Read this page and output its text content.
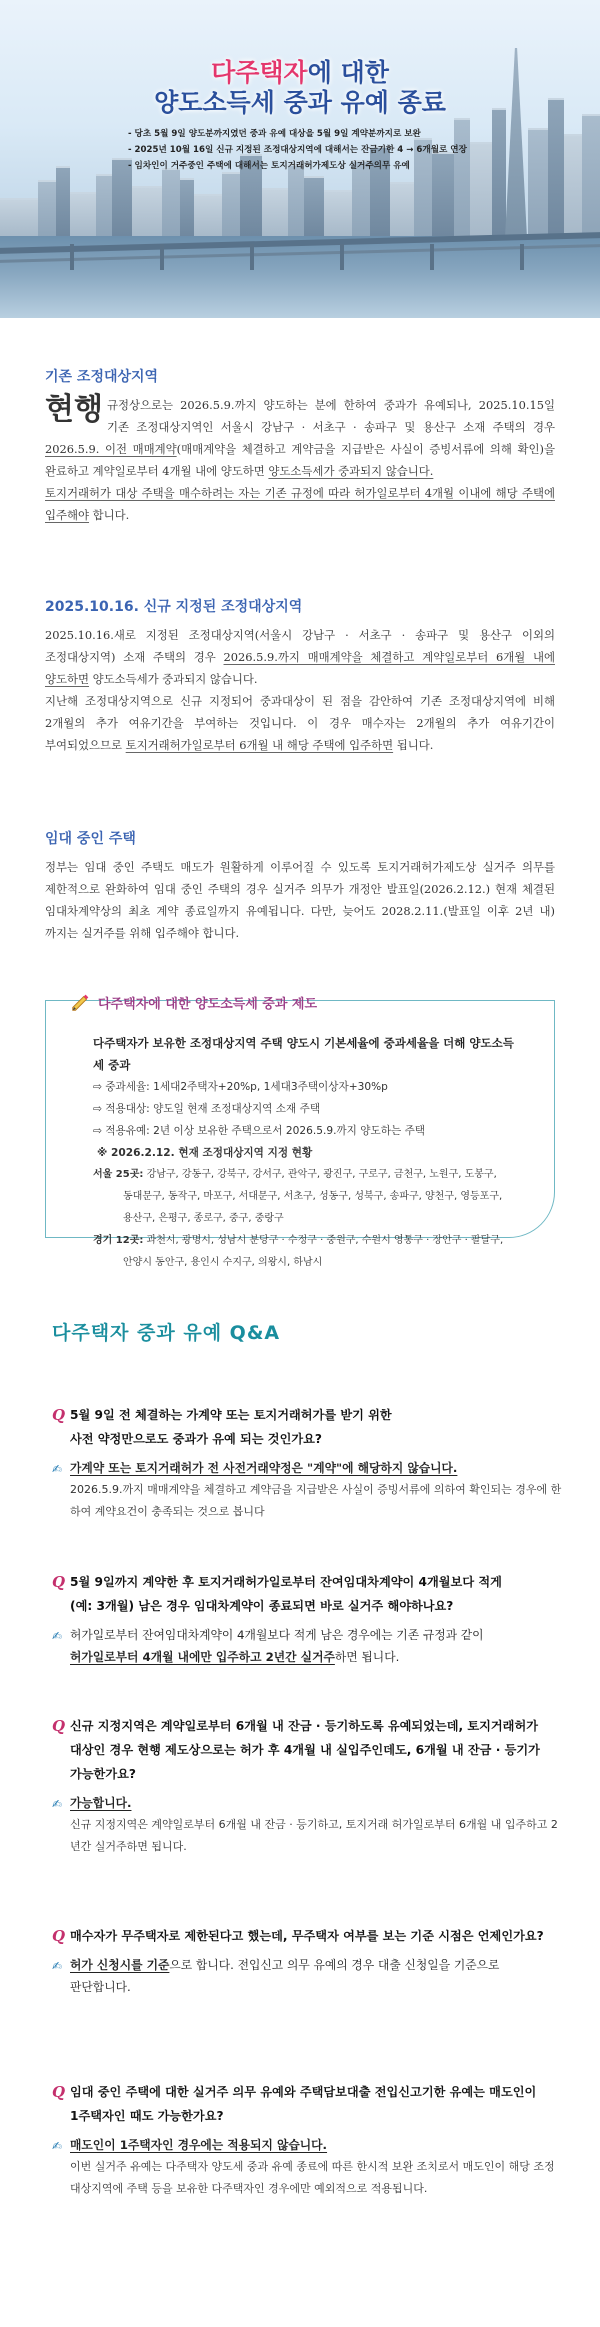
다주택자에 대한
양도소득세 중과 유예 종료
- 당초 5월 9일 양도분까지였던 중과 유예 대상을 5월 9일 계약분까지로 보완
- 2025년 10월 16일 신규 지정된 조정대상지역에 대해서는 잔금기한 4 → 6개월로 연장
- 임차인이 거주중인 주택에 대해서는 토지거래허가제도상 실거주의무 유예
기존 조정대상지역
현행 규정상으로는 2026.5.9.까지 양도하는 분에 한하여 중과가 유예되나, 2025.10.15일 기존 조정대상지역인 서울시 강남구 · 서초구 · 송파구 및 용산구 소재 주택의 경우 2026.5.9. 이전 매매계약(매매계약을 체결하고 계약금을 지급받은 사실이 증빙서류에 의해 확인)을 완료하고 계약일로부터 4개월 내에 양도하면 양도소득세가 중과되지 않습니다.
토지거래허가 대상 주택을 매수하려는 자는 기존 규정에 따라 허가일로부터 4개월 이내에 해당 주택에 입주해야 합니다.
2025.10.16. 신규 지정된 조정대상지역
2025.10.16.새로 지정된 조정대상지역(서울시 강남구 · 서초구 · 송파구 및 용산구 이외의 조정대상지역) 소재 주택의 경우 2026.5.9.까지 매매계약을 체결하고 계약일로부터 6개월 내에 양도하면 양도소득세가 중과되지 않습니다.
지난해 조정대상지역으로 신규 지정되어 중과대상이 된 점을 감안하여 기존 조정대상지역에 비해 2개월의 추가 여유기간을 부여하는 것입니다. 이 경우 매수자는 2개월의 추가 여유기간이 부여되었으므로 토지거래허가일로부터 6개월 내 해당 주택에 입주하면 됩니다.
임대 중인 주택
정부는 임대 중인 주택도 매도가 원활하게 이루어질 수 있도록 토지거래허가제도상 실거주 의무를 제한적으로 완화하여 임대 중인 주택의 경우 실거주 의무가 개정안 발표일(2026.2.12.) 현재 체결된 임대차계약상의 최초 계약 종료일까지 유예됩니다. 다만, 늦어도 2028.2.11.(발표일 이후 2년 내)까지는 실거주를 위해 입주해야 합니다.
다주택자에 대한 양도소득세 중과 제도
다주택자가 보유한 조정대상지역 주택 양도시 기본세율에 중과세율을 더해 양도소득세 중과
⇨ 중과세율: 1세대2주택자+20%p, 1세대3주택이상자+30%p
⇨ 적용대상: 양도일 현재 조정대상지역 소재 주택
⇨ 적용유예: 2년 이상 보유한 주택으로서 2026.5.9.까지 양도하는 주택
※ 2026.2.12. 현재 조정대상지역 지정 현황
서울 25곳: 강남구, 강동구, 강북구, 강서구, 관악구, 광진구, 구로구, 금천구, 노원구, 도봉구,
동대문구, 동작구, 마포구, 서대문구, 서초구, 성동구, 성북구, 송파구, 양천구, 영등포구,
용산구, 은평구, 종로구, 중구, 중랑구
경기 12곳: 과천시, 광명시, 성남시 분당구 · 수정구 · 중원구, 수원시 영통구 · 장안구 · 팔달구,
안양시 동안구, 용인시 수지구, 의왕시, 하남시
다주택자 중과 유예 Q&A
Q 5월 9일 전 체결하는 가계약 또는 토지거래허가를 받기 위한
사전 약정만으로도 중과가 유예 되는 것인가요?
✍ 가계약 또는 토지거래허가 전 사전거래약정은 "계약"에 해당하지 않습니다.
2026.5.9.까지 매매계약을 체결하고 계약금을 지급받은 사실이 증빙서류에 의하여 확인되는 경우에 한하여 계약요건이 충족되는 것으로 봅니다
Q 5월 9일까지 계약한 후 토지거래허가일로부터 잔여임대차계약이 4개월보다 적게
(예: 3개월) 남은 경우 임대차계약이 종료되면 바로 실거주 해야하나요?
✍ 허가일로부터 잔여임대차계약이 4개월보다 적게 남은 경우에는 기존 규정과 같이
허가일로부터 4개월 내에만 입주하고 2년간 실거주하면 됩니다.
Q 신규 지정지역은 계약일로부터 6개월 내 잔금 · 등기하도록 유예되었는데, 토지거래허가
대상인 경우 현행 제도상으로는 허가 후 4개월 내 실입주인데도, 6개월 내 잔금 · 등기가
가능한가요?
✍ 가능합니다.
신규 지정지역은 계약일로부터 6개월 내 잔금 · 등기하고, 토지거래 허가일로부터 6개월 내 입주하고 2년간 실거주하면 됩니다.
Q 매수자가 무주택자로 제한된다고 했는데, 무주택자 여부를 보는 기준 시점은 언제인가요?
✍ 허가 신청시를 기준으로 합니다. 전입신고 의무 유예의 경우 대출 신청일을 기준으로
판단합니다.
Q 임대 중인 주택에 대한 실거주 의무 유예와 주택담보대출 전입신고기한 유예는 매도인이
1주택자인 때도 가능한가요?
✍ 매도인이 1주택자인 경우에는 적용되지 않습니다.
이번 실거주 유예는 다주택자 양도세 중과 유예 종료에 따른 한시적 보완 조치로서 매도인이 해당 조정대상지역에 주택 등을 보유한 다주택자인 경우에만 예외적으로 적용됩니다.
